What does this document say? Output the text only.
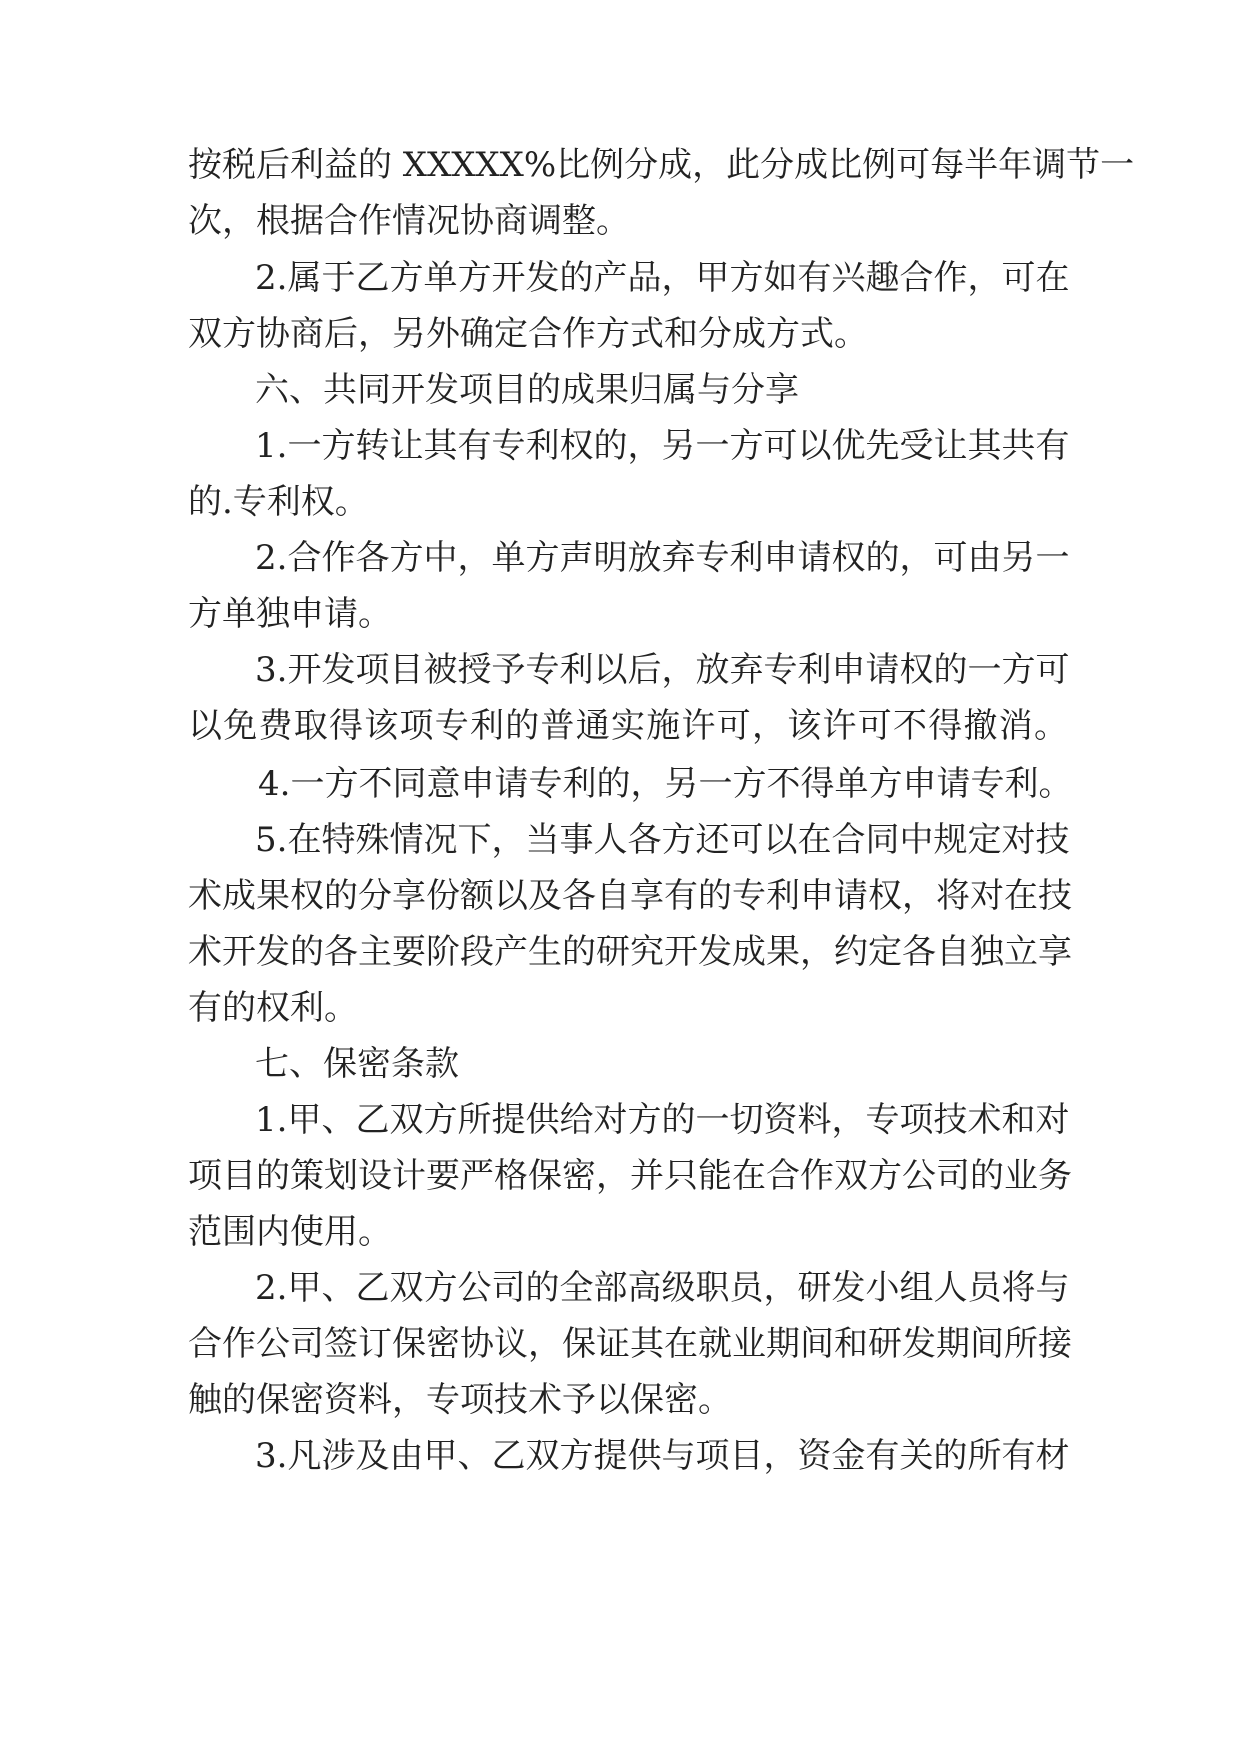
按税后利益的 XXXXX%比例分成，此分成比例可每半年调节一
次，根据合作情况协商调整。
2.属于乙方单方开发的产品，甲方如有兴趣合作，可在
双方协商后，另外确定合作方式和分成方式。
六、共同开发项目的成果归属与分享
1.一方转让其有专利权的，另一方可以优先受让其共有
的.专利权。
2.合作各方中，单方声明放弃专利申请权的，可由另一
方单独申请。
3.开发项目被授予专利以后，放弃专利申请权的一方可
以免费取得该项专利的普通实施许可，该许可不得撤消。
4.一方不同意申请专利的，另一方不得单方申请专利。
5.在特殊情况下，当事人各方还可以在合同中规定对技
术成果权的分享份额以及各自享有的专利申请权，将对在技
术开发的各主要阶段产生的研究开发成果，约定各自独立享
有的权利。
七、保密条款
1.甲、乙双方所提供给对方的一切资料，专项技术和对
项目的策划设计要严格保密，并只能在合作双方公司的业务
范围内使用。
2.甲、乙双方公司的全部高级职员，研发小组人员将与
合作公司签订保密协议，保证其在就业期间和研发期间所接
触的保密资料，专项技术予以保密。
3.凡涉及由甲、乙双方提供与项目，资金有关的所有材
